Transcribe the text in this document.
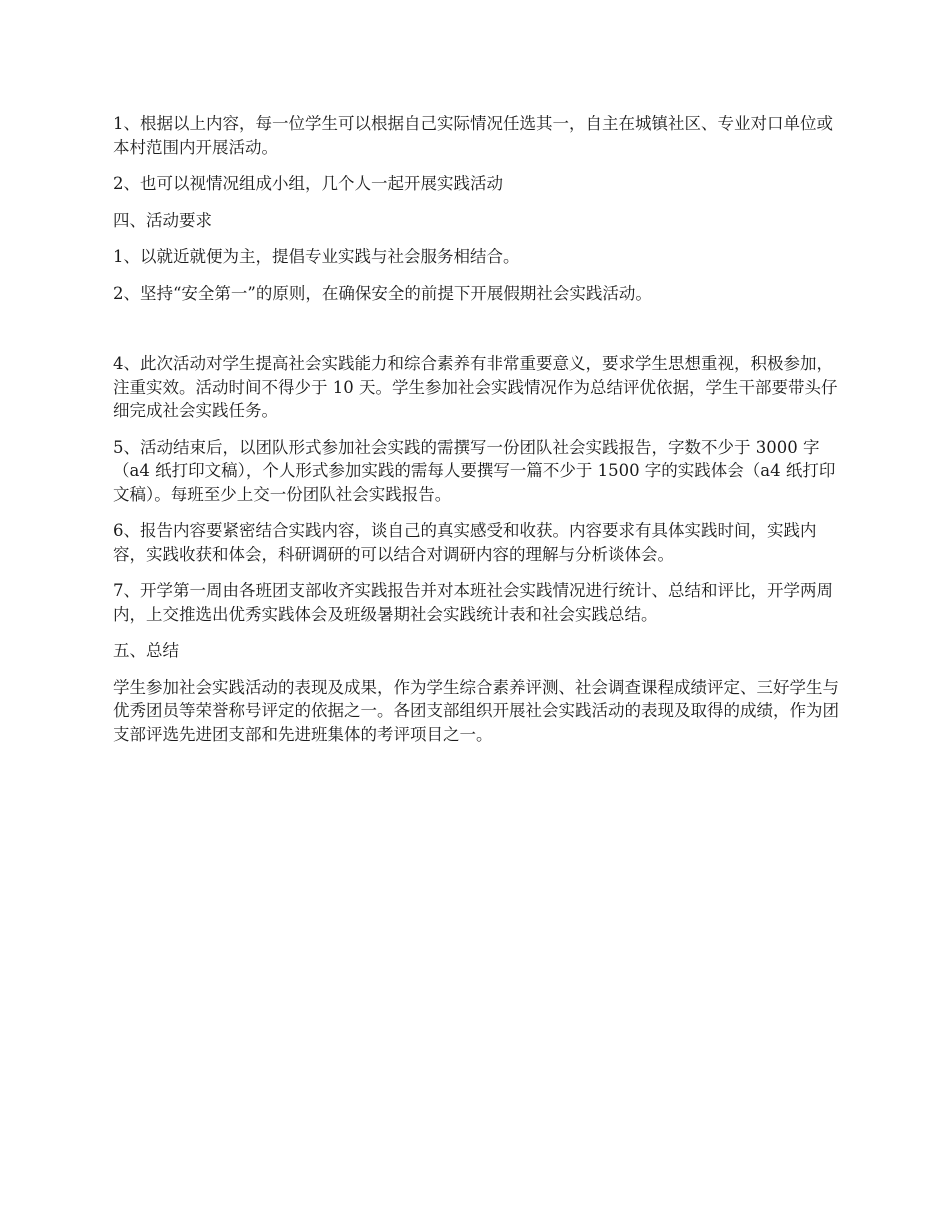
1、根据以上内容，每一位学生可以根据自己实际情况任选其一，自主在城镇社区、专业对口单位或本村范围内开展活动。

2、也可以视情况组成小组，几个人一起开展实践活动

四、活动要求

1、以就近就便为主，提倡专业实践与社会服务相结合。

2、坚持“安全第一”的原则，在确保安全的前提下开展假期社会实践活动。

4、此次活动对学生提高社会实践能力和综合素养有非常重要意义，要求学生思想重视，积极参加，注重实效。活动时间不得少于 10 天。学生参加社会实践情况作为总结评优依据，学生干部要带头仔细完成社会实践任务。

5、活动结束后，以团队形式参加社会实践的需撰写一份团队社会实践报告，字数不少于 3000 字（a4 纸打印文稿），个人形式参加实践的需每人要撰写一篇不少于 1500 字的实践体会（a4 纸打印文稿）。每班至少上交一份团队社会实践报告。

6、报告内容要紧密结合实践内容，谈自己的真实感受和收获。内容要求有具体实践时间，实践内容，实践收获和体会，科研调研的可以结合对调研内容的理解与分析谈体会。

7、开学第一周由各班团支部收齐实践报告并对本班社会实践情况进行统计、总结和评比，开学两周内，上交推选出优秀实践体会及班级暑期社会实践统计表和社会实践总结。

五、总结

学生参加社会实践活动的表现及成果，作为学生综合素养评测、社会调查课程成绩评定、三好学生与优秀团员等荣誉称号评定的依据之一。各团支部组织开展社会实践活动的表现及取得的成绩，作为团支部评选先进团支部和先进班集体的考评项目之一。
